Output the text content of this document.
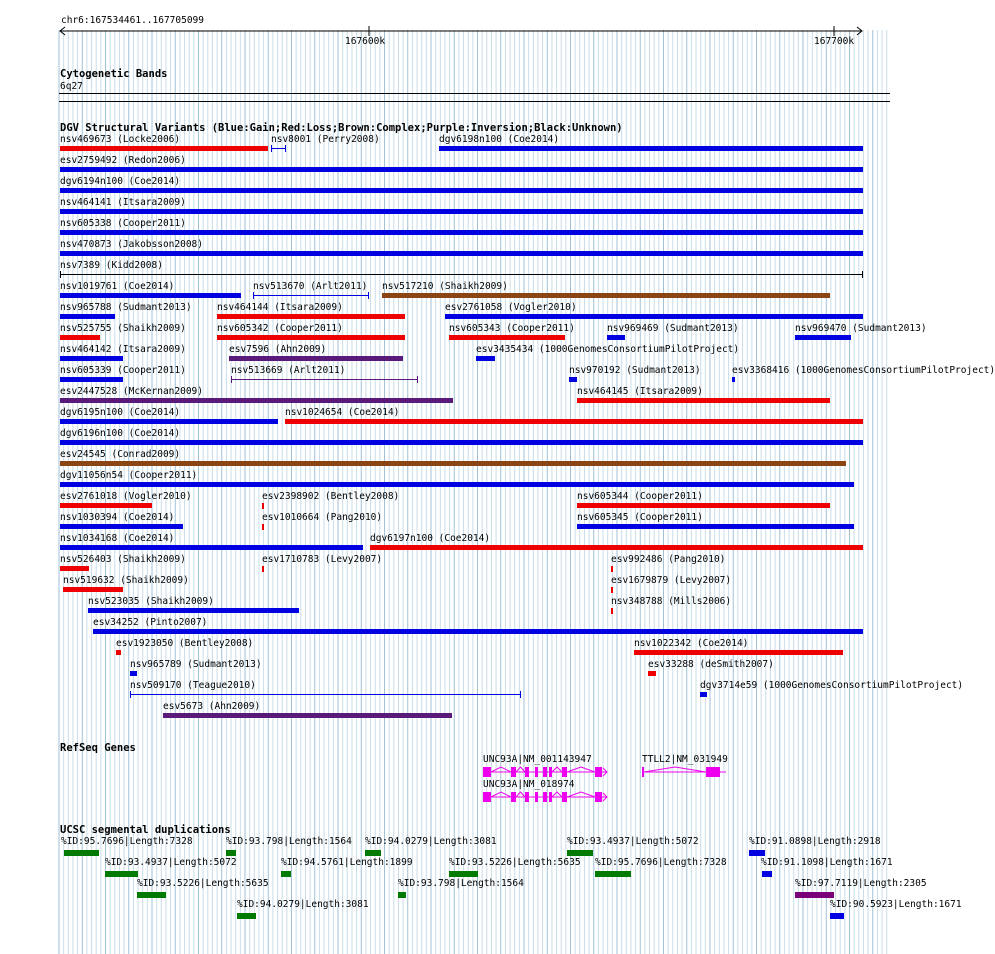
chr6:167534461..167705099
167600k	167700k
Cytogenetic Bands
6q27
DGV Structural Variants (Blue:Gain;Red:Loss;Brown:Complex;Purple:Inversion;Black:Unknown)
nsv469673 (Locke2006)	nsv8001 (Perry2008)	dgv6198n100 (Coe2014)
esv2759492 (Redon2006)
dgv6194n100 (Coe2014)
nsv464141 (Itsara2009)
nsv605338 (Cooper2011)
nsv470873 (Jakobsson2008)
nsv7389 (Kidd2008)
nsv1019761 (Coe2014)	nsv513670 (Arlt2011) nsv517210 (Shaikh2009)
nsv965788 (Sudmant2013)	nsv464144 (Itsara2009)	esv2761058 (Vogler2010)
nsv525755 (Shaikh2009)	nsv605342 (Cooper2011)	nsv605343 (Cooper2011)	nsv969469 (Sudmant2013)	nsv969470 (Sudmant2013)
nsv464142 (Itsara2009)	esv7596 (Ahn2009)	esv3435434 (1000GenomesConsortiumPilotProject)
nsv605339 (Cooper2011)	nsv513669 (Arlt2011)	nsv970192 (Sudmant2013)	esv3368416 (1000GenomesConsortiumPilotProject)
esv2447528 (McKernan2009)	nsv464145 (Itsara2009)
dgv6195n100 (Coe2014)	nsv1024654 (Coe2014)
dgv6196n100 (Coe2014)
esv24545 (Conrad2009)
dgv11056n54 (Cooper2011)
esv2761018 (Vogler2010)	esv2398902 (Bentley2008)	nsv605344 (Cooper2011)
nsv1030394 (Coe2014)	esv1010664 (Pang2010)	nsv605345 (Cooper2011)
nsv1034168 (Coe2014)	dgv6197n100 (Coe2014)
nsv526403 (Shaikh2009)	esv1710783 (Levy2007)	esv992486 (Pang2010)
nsv519632 (Shaikh2009)	esv1679879 (Levy2007)
nsv523035 (Shaikh2009)	nsv348788 (Mills2006)
esv34252 (Pinto2007)
esv1923050 (Bentley2008)	nsv1022342 (Coe2014)
nsv965789 (Sudmant2013)	esv33288 (deSmith2007)
nsv509170 (Teague2010)	dgv3714e59 (1000GenomesConsortiumPilotProject)
esv5673 (Ahn2009)
RefSeq Genes
UNC93A|NM_001143947	TTLL2|NM_031949
UNC93A|NM_018974
UCSC segmental duplications
%ID:95.7696|Length:7328	%ID:93.798|Length:1564 %ID:94.0279|Length:3081	%ID:93.4937|Length:5072	%ID:91.0898|Length:2918
%ID:93.4937|Length:5072	%ID:94.5761|Length:1899	%ID:93.5226|Length:5635 %ID:95.7696|Length:7328	%ID:91.1098|Length:1671
%ID:93.5226|Length:5635	%ID:93.798|Length:1564	%ID:97.7119|Length:2305
%ID:94.0279|Length:3081	%ID:90.5923|Length:1671
